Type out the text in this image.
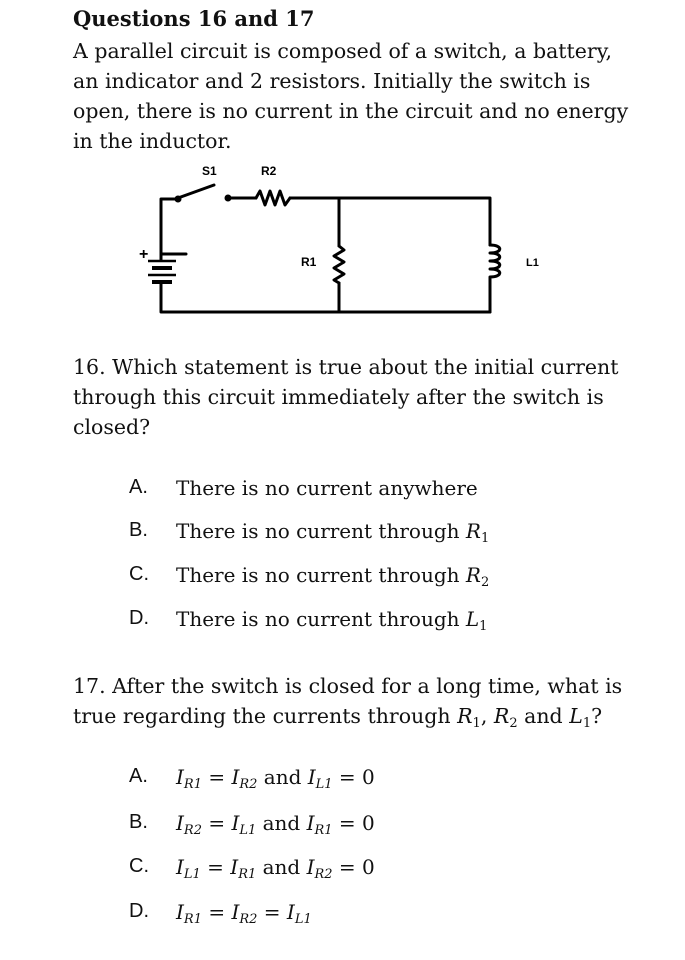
Questions 16 and 17
A parallel circuit is composed of a switch, a battery,
an indicator and 2 resistors. Initially the switch is
open, there is no current in the circuit and no energy
in the inductor.
+
S1	R2
R1	L1
16. Which statement is true about the initial current
through this circuit immediately after the switch is
closed?
A. There is no current anywhere
B. There is no current through $R_1$
C. There is no current through $R_2$
D. There is no current through $L_1$
17. After the switch is closed for a long time, what is
true regarding the currents through $R_1$, $R_2$ and $L_1$?
A. $I_{R1} = I_{R2}$ and $I_{L1} = 0$
B. $I_{R2} = I_{L1}$ and $I_{R1} = 0$
C. $I_{L1} = I_{R1}$ and $I_{R2} = 0$
D. $I_{R1} = I_{R2} = I_{L1}$
